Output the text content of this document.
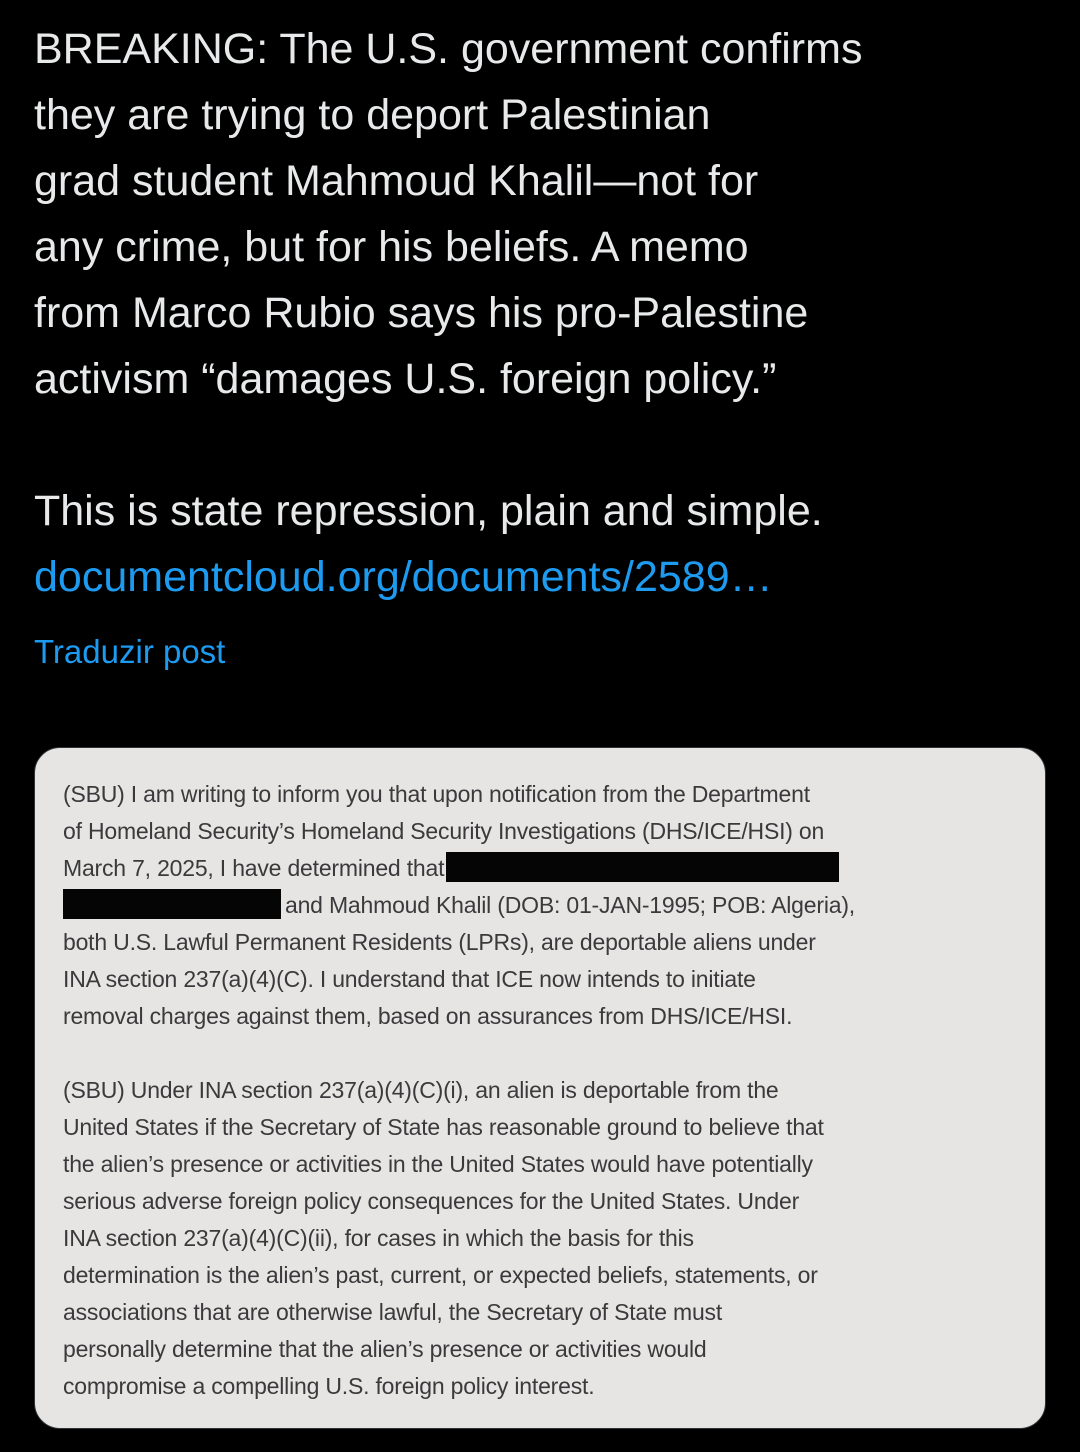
BREAKING: The U.S. government confirms

they are trying to deport Palestinian

grad student Mahmoud Khalil—not for

any crime, but for his beliefs. A memo

from Marco Rubio says his pro-Palestine

activism “damages U.S. foreign policy.”

This is state repression, plain and simple.

documentcloud.org/documents/2589…
Traduzir post
(SBU) I am writing to inform you that upon notification from the Department
of Homeland Security’s Homeland Security Investigations (DHS/ICE/HSI) on
March 7, 2025, I have determined that
and Mahmoud Khalil (DOB: 01-JAN-1995; POB: Algeria),
both U.S. Lawful Permanent Residents (LPRs), are deportable aliens under
INA section 237(a)(4)(C). I understand that ICE now intends to initiate
removal charges against them, based on assurances from DHS/ICE/HSI.
(SBU) Under INA section 237(a)(4)(C)(i), an alien is deportable from the
United States if the Secretary of State has reasonable ground to believe that
the alien’s presence or activities in the United States would have potentially
serious adverse foreign policy consequences for the United States. Under
INA section 237(a)(4)(C)(ii), for cases in which the basis for this
determination is the alien’s past, current, or expected beliefs, statements, or
associations that are otherwise lawful, the Secretary of State must
personally determine that the alien’s presence or activities would
compromise a compelling U.S. foreign policy interest.
